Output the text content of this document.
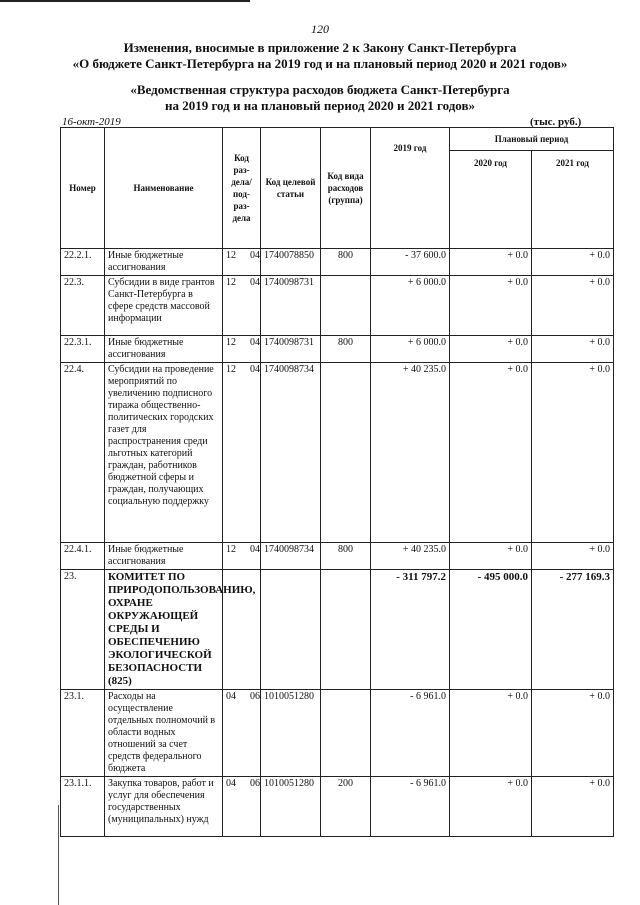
120
Изменения, вносимые в приложение 2 к Закону Санкт-Петербурга
«О бюджете Санкт-Петербурга на 2019 год и на плановый период 2020 и 2021 годов»
«Ведомственная структура расходов бюджета Санкт-Петербурга
на 2019 год и на плановый период 2020 и 2021 годов»
16-окт-2019	(тыс. руб.)
Номер	Наименование	Код раз-дела/ под-раз-дела	Код целевой статьи	Код вида расходов (группа)	2019 год	Плановый период	
						2020 год	2021 год
22.2.1.	Иные бюджетные ассигнования	12 04	1740078850	800	- 37 600.0	+ 0.0	+ 0.0
22.3.	Субсидии в виде грантов Санкт-Петербурга в сфере средств массовой информации	12 04	1740098731		+ 6 000.0	+ 0.0	+ 0.0
22.3.1.	Иные бюджетные ассигнования	12 04	1740098731	800	+ 6 000.0	+ 0.0	+ 0.0
22.4.	Субсидии на проведение мероприятий по увеличению подписного тиража общественно-политических городских газет для распространения среди льготных категорий граждан, работников бюджетной сферы и граждан, получающих социальную поддержку	12 04	1740098734		+ 40 235.0	+ 0.0	+ 0.0
22.4.1.	Иные бюджетные ассигнования	12 04	1740098734	800	+ 40 235.0	+ 0.0	+ 0.0
23.	КОМИТЕТ ПО ПРИРОДОПОЛЬЗОВАНИЮ, ОХРАНЕ ОКРУЖАЮЩЕЙ СРЕДЫ И ОБЕСПЕЧЕНИЮ ЭКОЛОГИЧЕСКОЙ БЕЗОПАСНОСТИ (825)				- 311 797.2	- 495 000.0	- 277 169.3
23.1.	Расходы на осуществление отдельных полномочий в области водных отношений за счет средств федерального бюджета	04 06	1010051280		- 6 961.0	+ 0.0	+ 0.0
23.1.1.	Закупка товаров, работ и услуг для обеспечения государственных (муниципальных) нужд	04 06	1010051280	200	- 6 961.0	+ 0.0	+ 0.0
